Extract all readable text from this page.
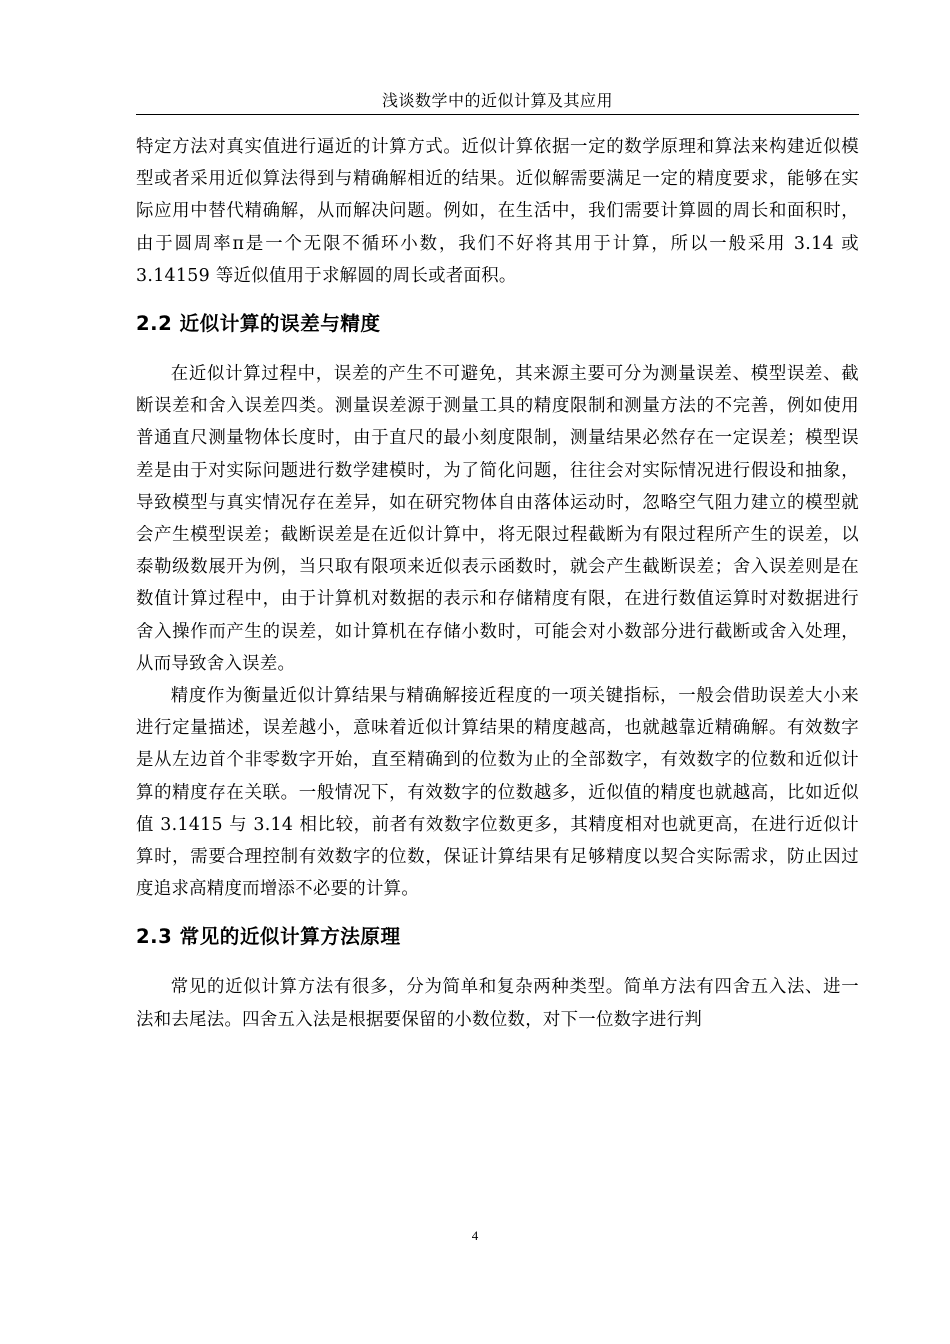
浅谈数学中的近似计算及其应用

特定方法对真实值进行逼近的计算方式。近似计算依据一定的数学原理和算法来构建近似模型或者采用近似算法得到与精确解相近的结果。近似解需要满足一定的精度要求，能够在实际应用中替代精确解，从而解决问题。例如，在生活中，我们需要计算圆的周长和面积时，由于圆周率π是一个无限不循环小数，我们不好将其用于计算，所以一般采用 3.14 或 3.14159 等近似值用于求解圆的周长或者面积。

2.2 近似计算的误差与精度

在近似计算过程中，误差的产生不可避免，其来源主要可分为测量误差、模型误差、截断误差和舍入误差四类。测量误差源于测量工具的精度限制和测量方法的不完善，例如使用普通直尺测量物体长度时，由于直尺的最小刻度限制，测量结果必然存在一定误差；模型误差是由于对实际问题进行数学建模时，为了简化问题，往往会对实际情况进行假设和抽象，导致模型与真实情况存在差异，如在研究物体自由落体运动时，忽略空气阻力建立的模型就会产生模型误差；截断误差是在近似计算中，将无限过程截断为有限过程所产生的误差，以泰勒级数展开为例，当只取有限项来近似表示函数时，就会产生截断误差；舍入误差则是在数值计算过程中，由于计算机对数据的表示和存储精度有限，在进行数值运算时对数据进行舍入操作而产生的误差，如计算机在存储小数时，可能会对小数部分进行截断或舍入处理，从而导致舍入误差。

精度作为衡量近似计算结果与精确解接近程度的一项关键指标，一般会借助误差大小来进行定量描述，误差越小，意味着近似计算结果的精度越高，也就越靠近精确解。有效数字是从左边首个非零数字开始，直至精确到的位数为止的全部数字，有效数字的位数和近似计算的精度存在关联。一般情况下，有效数字的位数越多，近似值的精度也就越高，比如近似值 3.1415 与 3.14 相比较，前者有效数字位数更多，其精度相对也就更高，在进行近似计算时，需要合理控制有效数字的位数，保证计算结果有足够精度以契合实际需求，防止因过度追求高精度而增添不必要的计算。

2.3 常见的近似计算方法原理

常见的近似计算方法有很多，分为简单和复杂两种类型。简单方法有四舍五入法、进一法和去尾法。四舍五入法是根据要保留的小数位数，对下一位数字进行判

4
